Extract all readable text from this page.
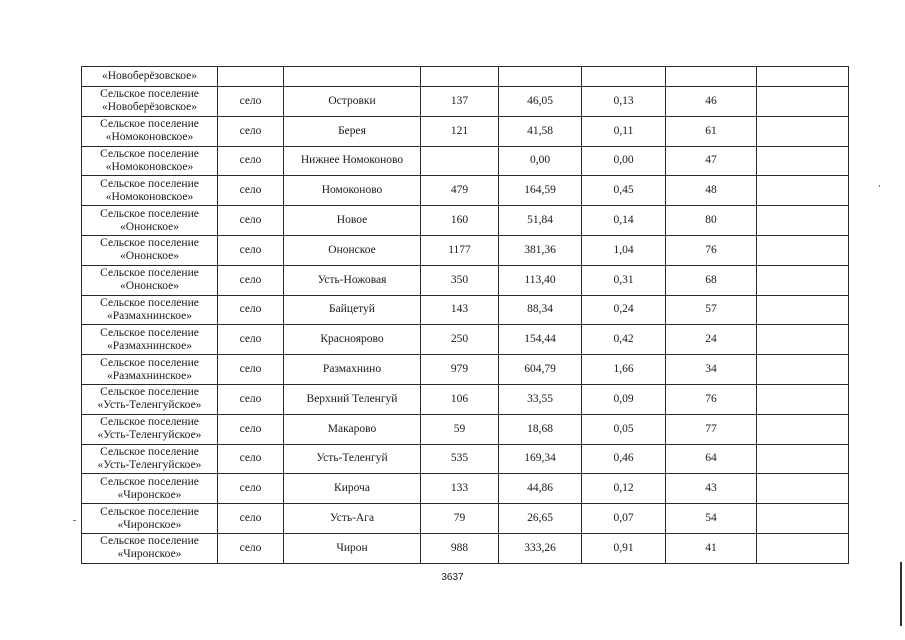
«Новоберёзовское»							

Сельское поселение
«Новоберёзовское»	село	Островки	137	46,05	0,13	46	

Сельское поселение
«Номоконовское»	село	Берея	121	41,58	0,11	61	

Сельское поселение
«Номоконовское»	село	Нижнее Номоконово		0,00	0,00	47	

Сельское поселение
«Номоконовское»	село	Номоконово	479	164,59	0,45	48	

Сельское поселение
«Ононское»	село	Новое	160	51,84	0,14	80	

Сельское поселение
«Ононское»	село	Ононское	1177	381,36	1,04	76	

Сельское поселение
«Ононское»	село	Усть-Ножовая	350	113,40	0,31	68	

Сельское поселение
«Размахнинское»	село	Байцетуй	143	88,34	0,24	57	

Сельское поселение
«Размахнинское»	село	Красноярово	250	154,44	0,42	24	

Сельское поселение
«Размахнинское»	село	Размахнино	979	604,79	1,66	34	

Сельское поселение
«Усть-Теленгуйское»	село	Верхний Теленгуй	106	33,55	0,09	76	

Сельское поселение
«Усть-Теленгуйское»	село	Макарово	59	18,68	0,05	77	

Сельское поселение
«Усть-Теленгуйское»	село	Усть-Теленгуй	535	169,34	0,46	64	

Сельское поселение
«Чиронское»	село	Кироча	133	44,86	0,12	43	

Сельское поселение
«Чиронское»	село	Усть-Ага	79	26,65	0,07	54	

Сельское поселение
«Чиронское»	село	Чирон	988	333,26	0,91	41	
3637
